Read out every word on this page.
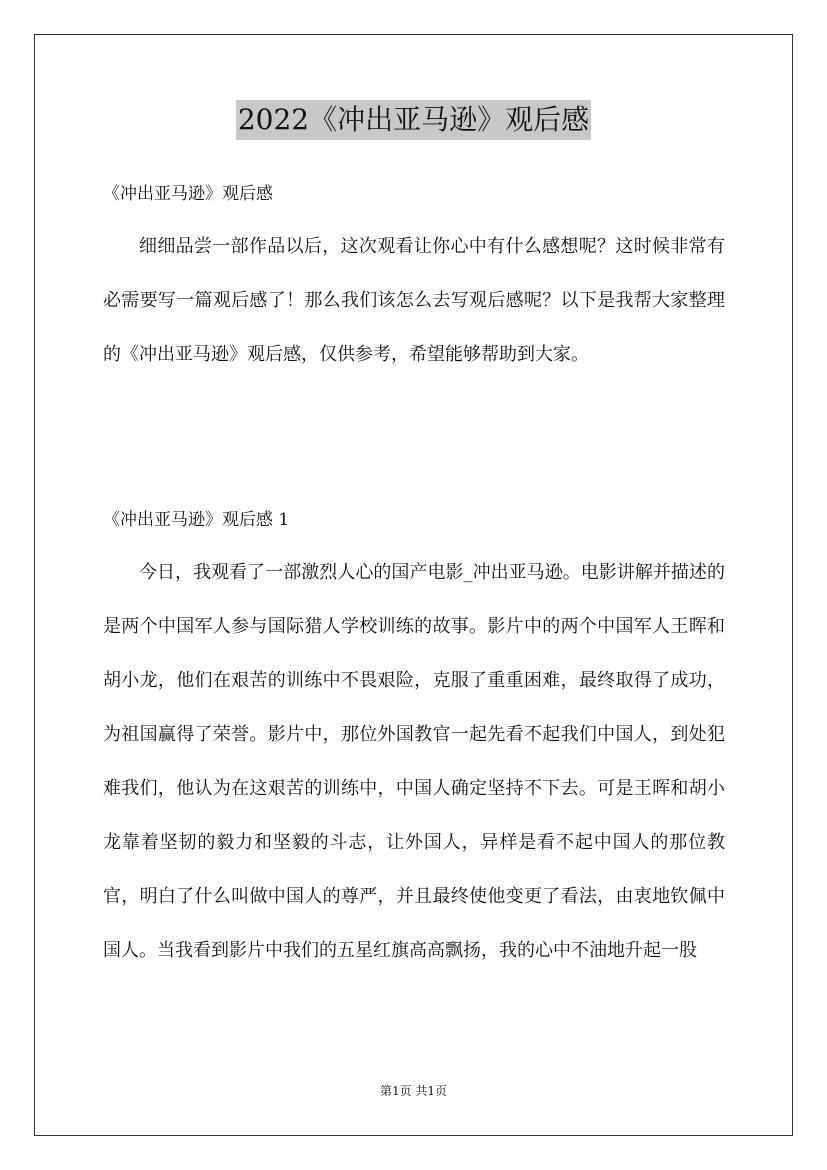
2022《冲出亚马逊》观后感
《冲出亚马逊》观后感

细细品尝一部作品以后，这次观看让你心中有什么感想呢？这时候非常有必需要写一篇观后感了！那么我们该怎么去写观后感呢？以下是我帮大家整理的《冲出亚马逊》观后感，仅供参考，希望能够帮助到大家。

《冲出亚马逊》观后感 1

今日，我观看了一部激烈人心的国产电影_冲出亚马逊。电影讲解并描述的是两个中国军人参与国际猎人学校训练的故事。影片中的两个中国军人王晖和胡小龙，他们在艰苦的训练中不畏艰险，克服了重重困难，最终取得了成功，为祖国赢得了荣誉。影片中，那位外国教官一起先看不起我们中国人，到处犯难我们，他认为在这艰苦的训练中，中国人确定坚持不下去。可是王晖和胡小龙靠着坚韧的毅力和坚毅的斗志，让外国人，异样是看不起中国人的那位教官，明白了什么叫做中国人的尊严，并且最终使他变更了看法，由衷地钦佩中国人。当我看到影片中我们的五星红旗高高飘扬，我的心中不油地升起一股

第1页 共1页
